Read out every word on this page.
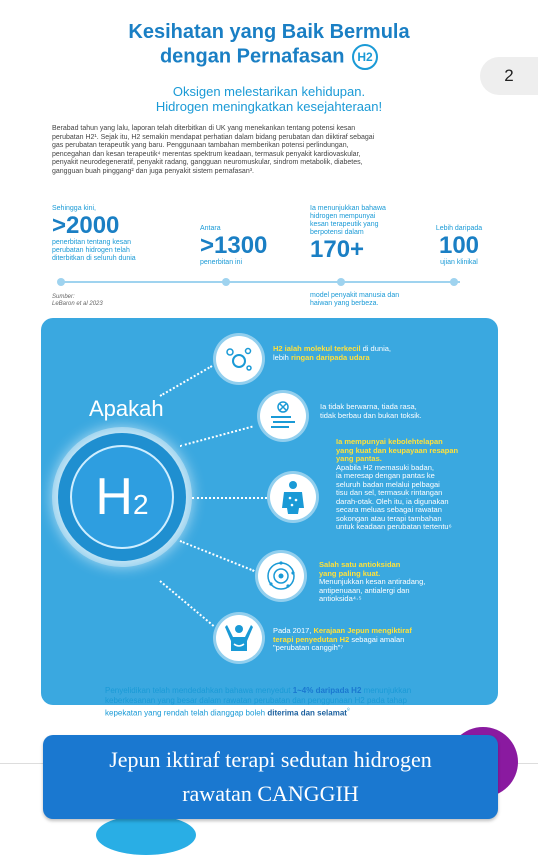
Kesihatan yang Baik Bermula
dengan Pernafasan H2
2
Oksigen melestarikan kehidupan.
Hidrogen meningkatkan kesejahteraan!
Berabad tahun yang lalu, laporan telah diterbitkan di UK yang menekankan tentang potensi kesan
perubatan H2¹. Sejak itu, H2 semakin mendapat perhatian dalam bidang perubatan dan diiktiraf sebagai
gas perubatan terapeutik yang baru. Penggunaan tambahan memberikan potensi perlindungan,
pencegahan dan kesan terapeutik⁴ merentas spektrum keadaan, termasuk penyakit kardiovaskular,
penyakit neurodegeneratif, penyakit radang, gangguan neuromuskular, sindrom metabolik, diabetes,
gangguan buah pinggang² dan juga penyakit sistem pernafasan³.
Sehingga kini,
>2000
penerbitan tentang kesan
perubatan hidrogen telah
diterbitkan di seluruh dunia
Antara
>1300
penerbitan ini
Ia menunjukkan bahawa
hidrogen mempunyai
kesan terapeutik yang
berpotensi dalam
170+
model penyakit manusia dan
haiwan yang berbeza.
Lebih daripada
100
ujian klinikal
Sumber:
LeBaron et al 2023
Apakah
H2
H2 ialah molekul terkecil di dunia,
lebih ringan daripada udara
Ia tidak berwarna, tiada rasa,
tidak berbau dan bukan toksik.
Ia mempunyai kebolehtelapan
yang kuat dan keupayaan resapan
yang pantas.
Apabila H2 memasuki badan,
ia meresap dengan pantas ke
seluruh badan melalui pelbagai
tisu dan sel, termasuk rintangan
darah-otak. Oleh itu, ia digunakan
secara meluas sebagai rawatan
sokongan atau terapi tambahan
untuk keadaan perubatan tertentu⁶
Salah satu antioksidan
yang paling kuat.
Menunjukkan kesan antiradang,
antipenuaan, antialergi dan
antioksida⁴·⁵
Pada 2017, Kerajaan Jepun mengiktiraf
terapi penyedutan H2 sebagai amalan
"perubatan canggih"⁷
Penyelidikan telah mendedahkan bahawa menyedut 1~4% daripada H2 menunjukkan keberkesanan yang besar dalam rawatan perubatan dan penggunaan H2 pada tahap kepekatan yang rendah telah dianggap boleh diterima dan selamat$^{^8}$
Jepun iktiraf terapi sedutan hidrogen
rawatan CANGGIH
